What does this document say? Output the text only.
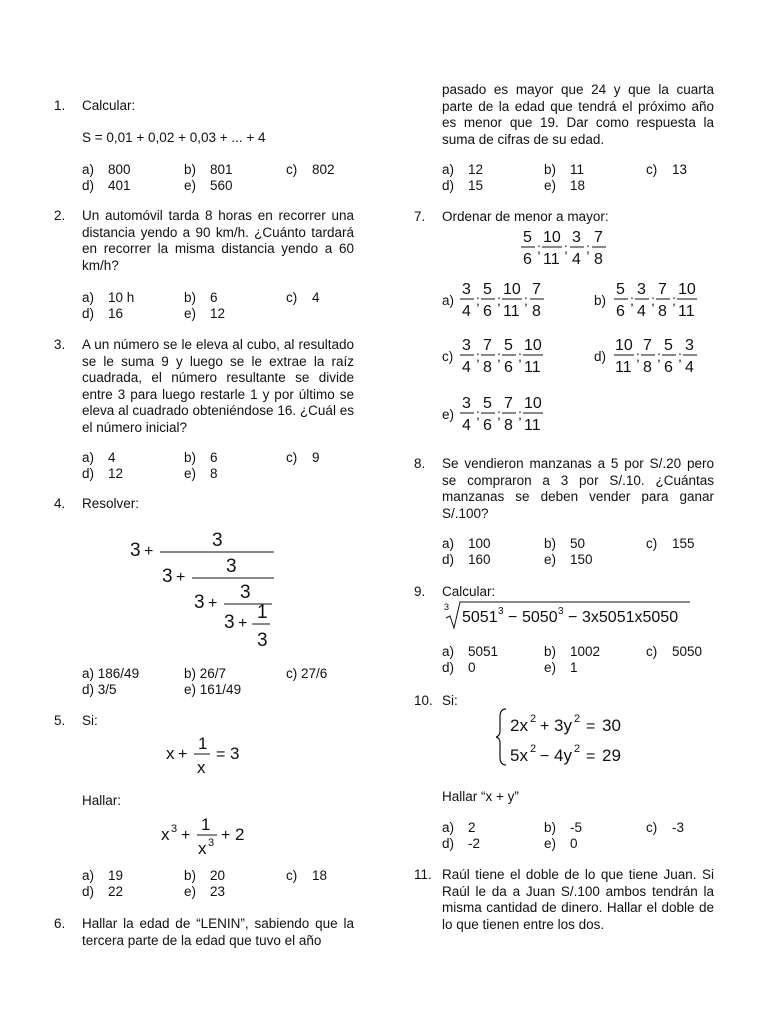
1.	Calcular:
S = 0,01 + 0,02 + 0,03 + ... + 4
a) 800	b) 801	c) 802
d) 401	e) 560
2.	Un automóvil tarda 8 horas en recorrer una distancia yendo a 90 km/h. ¿Cuánto tardará en recorrer la misma distancia yendo a 60 km/h?
a) 10 h	b) 6	c) 4
d) 16	e) 12
3.	A un número se le eleva al cubo, al resultado se le suma 9 y luego se le extrae la raíz cuadrada, el número resultante se divide entre 3 para luego restarle 1 y por último se eleva al cuadrado obteniéndose 16. ¿Cuál es el número inicial?
a) 4	b) 6	c) 9
d) 12	e) 8
4.	Resolver:
3 +
3
3 +
3
3 +
3
3 +
1
3
a) 186/49	b) 26/7	c) 27/6
d) 3/5	e) 161/49
5.	Si:
x +
1
x
= 3
Hallar:
x 3 +
1
x 3 + 2
a) 19	b) 20	c) 18
d) 22	e) 23
6.	Hallar la edad de “LENIN”, sabiendo que la tercera parte de la edad que tuvo el año
pasado es mayor que 24 y que la cuarta parte de la edad que tendrá el próximo año es menor que 19. Dar como respuesta la suma de cifras de su edad.
a) 12	b) 11	c) 13
d) 15	e) 18
7.	Ordenar de menor a mayor:
5
6
;
10
11
;
3
4
;
7
8
a)
3
4
;
5
6
;
10
11
;
7
8
b)
5
6
;
3
4
;
7
8
;
10
11
c)
3
4
;
7
8
;
5
6
;
10
11
d)
10
11
;
7
8
;
5
6
;
3
4
e)
3
4
;
5
6
;
7
8
;
10
11
8.	Se vendieron manzanas a 5 por S/.20 pero se compraron a 3 por S/.10. ¿Cuántas manzanas se deben vender para ganar S/.100?
a) 100	b) 50	c) 155
d) 160	e) 150
9.	Calcular:
3
5051 3 − 5050 3 − 3x5051x5050
a) 5051	b) 1002	c) 5050
d) 0	e) 1
10. Si:
2x 2 + 3y 2 = 30
5x 2 − 4y 2 = 29
Hallar “x + y”
a) 2	b) -5	c) -3
d) -2	e) 0
11. Raúl tiene el doble de lo que tiene Juan. Si Raúl le da a Juan S/.100 ambos tendrán la misma cantidad de dinero. Hallar el doble de lo que tienen entre los dos.
